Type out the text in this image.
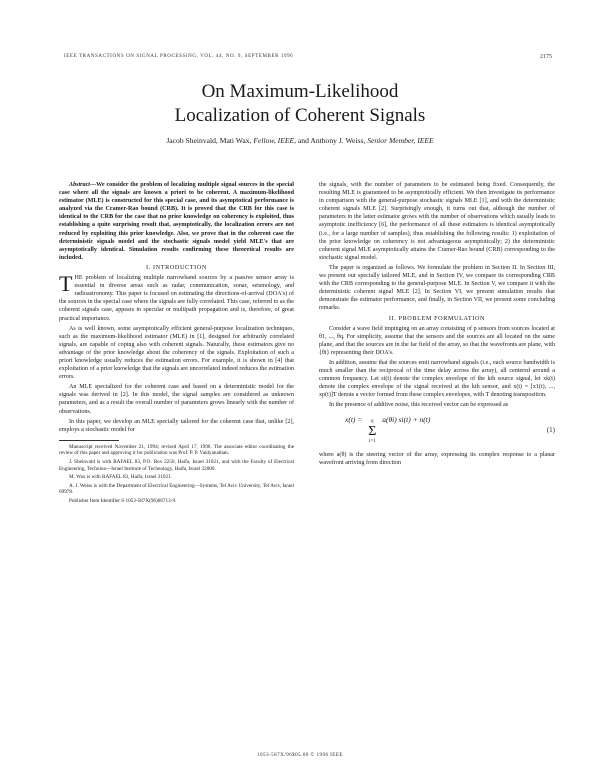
IEEE TRANSACTIONS ON SIGNAL PROCESSING, VOL. 44, NO. 9, SEPTEMBER 1996	2175
On Maximum-Likelihood
Localization of Coherent Signals
Jacob Sheinvald, Mati Wax, Fellow, IEEE, and Anthony J. Weiss, Senior Member, IEEE

Abstract—We consider the problem of localizing multiple signal sources in the special case where all the signals are known a priori to be coherent. A maximum-likelihood estimator (MLE) is constructed for this special case, and its asymptotical performance is analyzed via the Cramer-Rao bound (CRB). It is proved that the CRB for this case is identical to the CRB for the case that no prior knowledge on coherency is exploited, thus establishing a quite surprising result that, asymptotically, the localization errors are not reduced by exploiting this prior knowledge. Also, we prove that in the coherent case the deterministic signals model and the stochastic signals model yield MLE's that are asymptotically identical. Simulation results confirming these theoretical results are included.

I. INTRODUCTION

THE problem of localizing multiple narrowband sources by a passive sensor array is essential in diverse areas such as radar, communication, sonar, seismology, and radioastronomy. This paper is focused on estimating the directions-of-arrival (DOA's) of the sources in the special case where the signals are fully correlated. This case, referred to as the coherent signals case, appears in specular or multipath propagation and is, therefore, of great practical importance.

As is well known, some asymptotically efficient general-purpose localization techniques, such as the maximum-likelihood estimator (MLE) in [1], designed for arbitrarily correlated signals, are capable of coping also with coherent signals. Naturally, these estimators give no advantage of the prior knowledge about the coherency of the signals. Exploitation of such a priori knowledge usually reduces the estimation errors. For example, it is shown in [4] that exploitation of a prior knowledge that the signals are uncorrelated indeed reduces the estimation errors.

An MLE specialized for the coherent case and based on a deterministic model for the signals was derived in [2]. In this model, the signal samples are considered as unknown parameters, and as a result the overall number of parameters grows linearly with the number of observations.

In this paper, we develop an MLE specially tailored for the coherent case that, unlike [2], employs a stochastic model for

Manuscript received November 21, 1994; revised April 17, 1996. The associate editor coordinating the review of this paper and approving it for publication was Prof. P. P. Vaidyanathan.

J. Sheinvald is with RAFAEL 83, P.O. Box 2250, Haifa, Israel 31021, and with the Faculty of Electrical Engineering, Technion—Israel Institute of Technology, Haifa, Israel 32000.

M. Wax is with RAFAEL 83, Haifa, Israel 31021.

A. J. Weiss is with the Department of Electrical Engineering—Systems, Tel Aviv University, Tel Aviv, Israel 69978.

Publisher Item Identifier S 1053-587X(96)06713-9.

the signals, with the number of parameters to be estimated being fixed. Consequently, the resulting MLE is guaranteed to be asymptotically efficient. We then investigate its performance in comparison with the general-purpose stochastic signals MLE [1], and with the deterministic coherent signals MLE [2]. Surprisingly enough, it turns out that, although the number of parameters in the latter estimator grows with the number of observations which usually leads to asymptotic inefficiency [6], the performance of all these estimators is identical asymptotically (i.e., for a large number of samples), thus establishing the following results: 1) exploitation of the prior knowledge on coherency is not advantageous asymptotically; 2) the deterministic coherent signal MLE asymptotically attains the Cramer-Rao bound (CRB) corresponding to the stochastic signal model.

The paper is organized as follows. We formulate the problem in Section II. In Section III, we present our specially tailored MLE, and in Section IV, we compare its corresponding CRB with the CRB corresponding to the general-purpose MLE. In Section V, we compare it with the deterministic coherent signal MLE [2]. In Section VI, we present simulation results that demonstrate the estimator performance, and finally, in Section VII, we present some concluding remarks.

II. PROBLEM FORMULATION

Consider a wave field impinging on an array consisting of p sensors from sources located at θ1, ..., θq. For simplicity, assume that the sensors and the sources are all located on the same plane, and that the sources are in the far field of the array, so that the wavefronts are plane, with {θi} representing their DOA's.

In addition, assume that the sources emit narrowband signals (i.e., each source bandwidth is much smaller than the reciprocal of the time delay across the array), all centered around a common frequency. Let si(t) denote the complex envelope of the kth source signal, let xk(t) denote the complex envelope of the signal received at the kth sensor, and x(t) = [x1(t), ..., xp(t)]T denote a vector formed from these complex envelopes, with T denoting transposition.

In the presence of additive noise, this received vector can be expressed as

x(t) = q
Σ
i=1
a(θi) si(t) + n(t)
(1)

where a(θ) is the steering vector of the array, expressing its complex response to a planar wavefront arriving from direction

1053-587X/96$05.00 © 1996 IEEE
